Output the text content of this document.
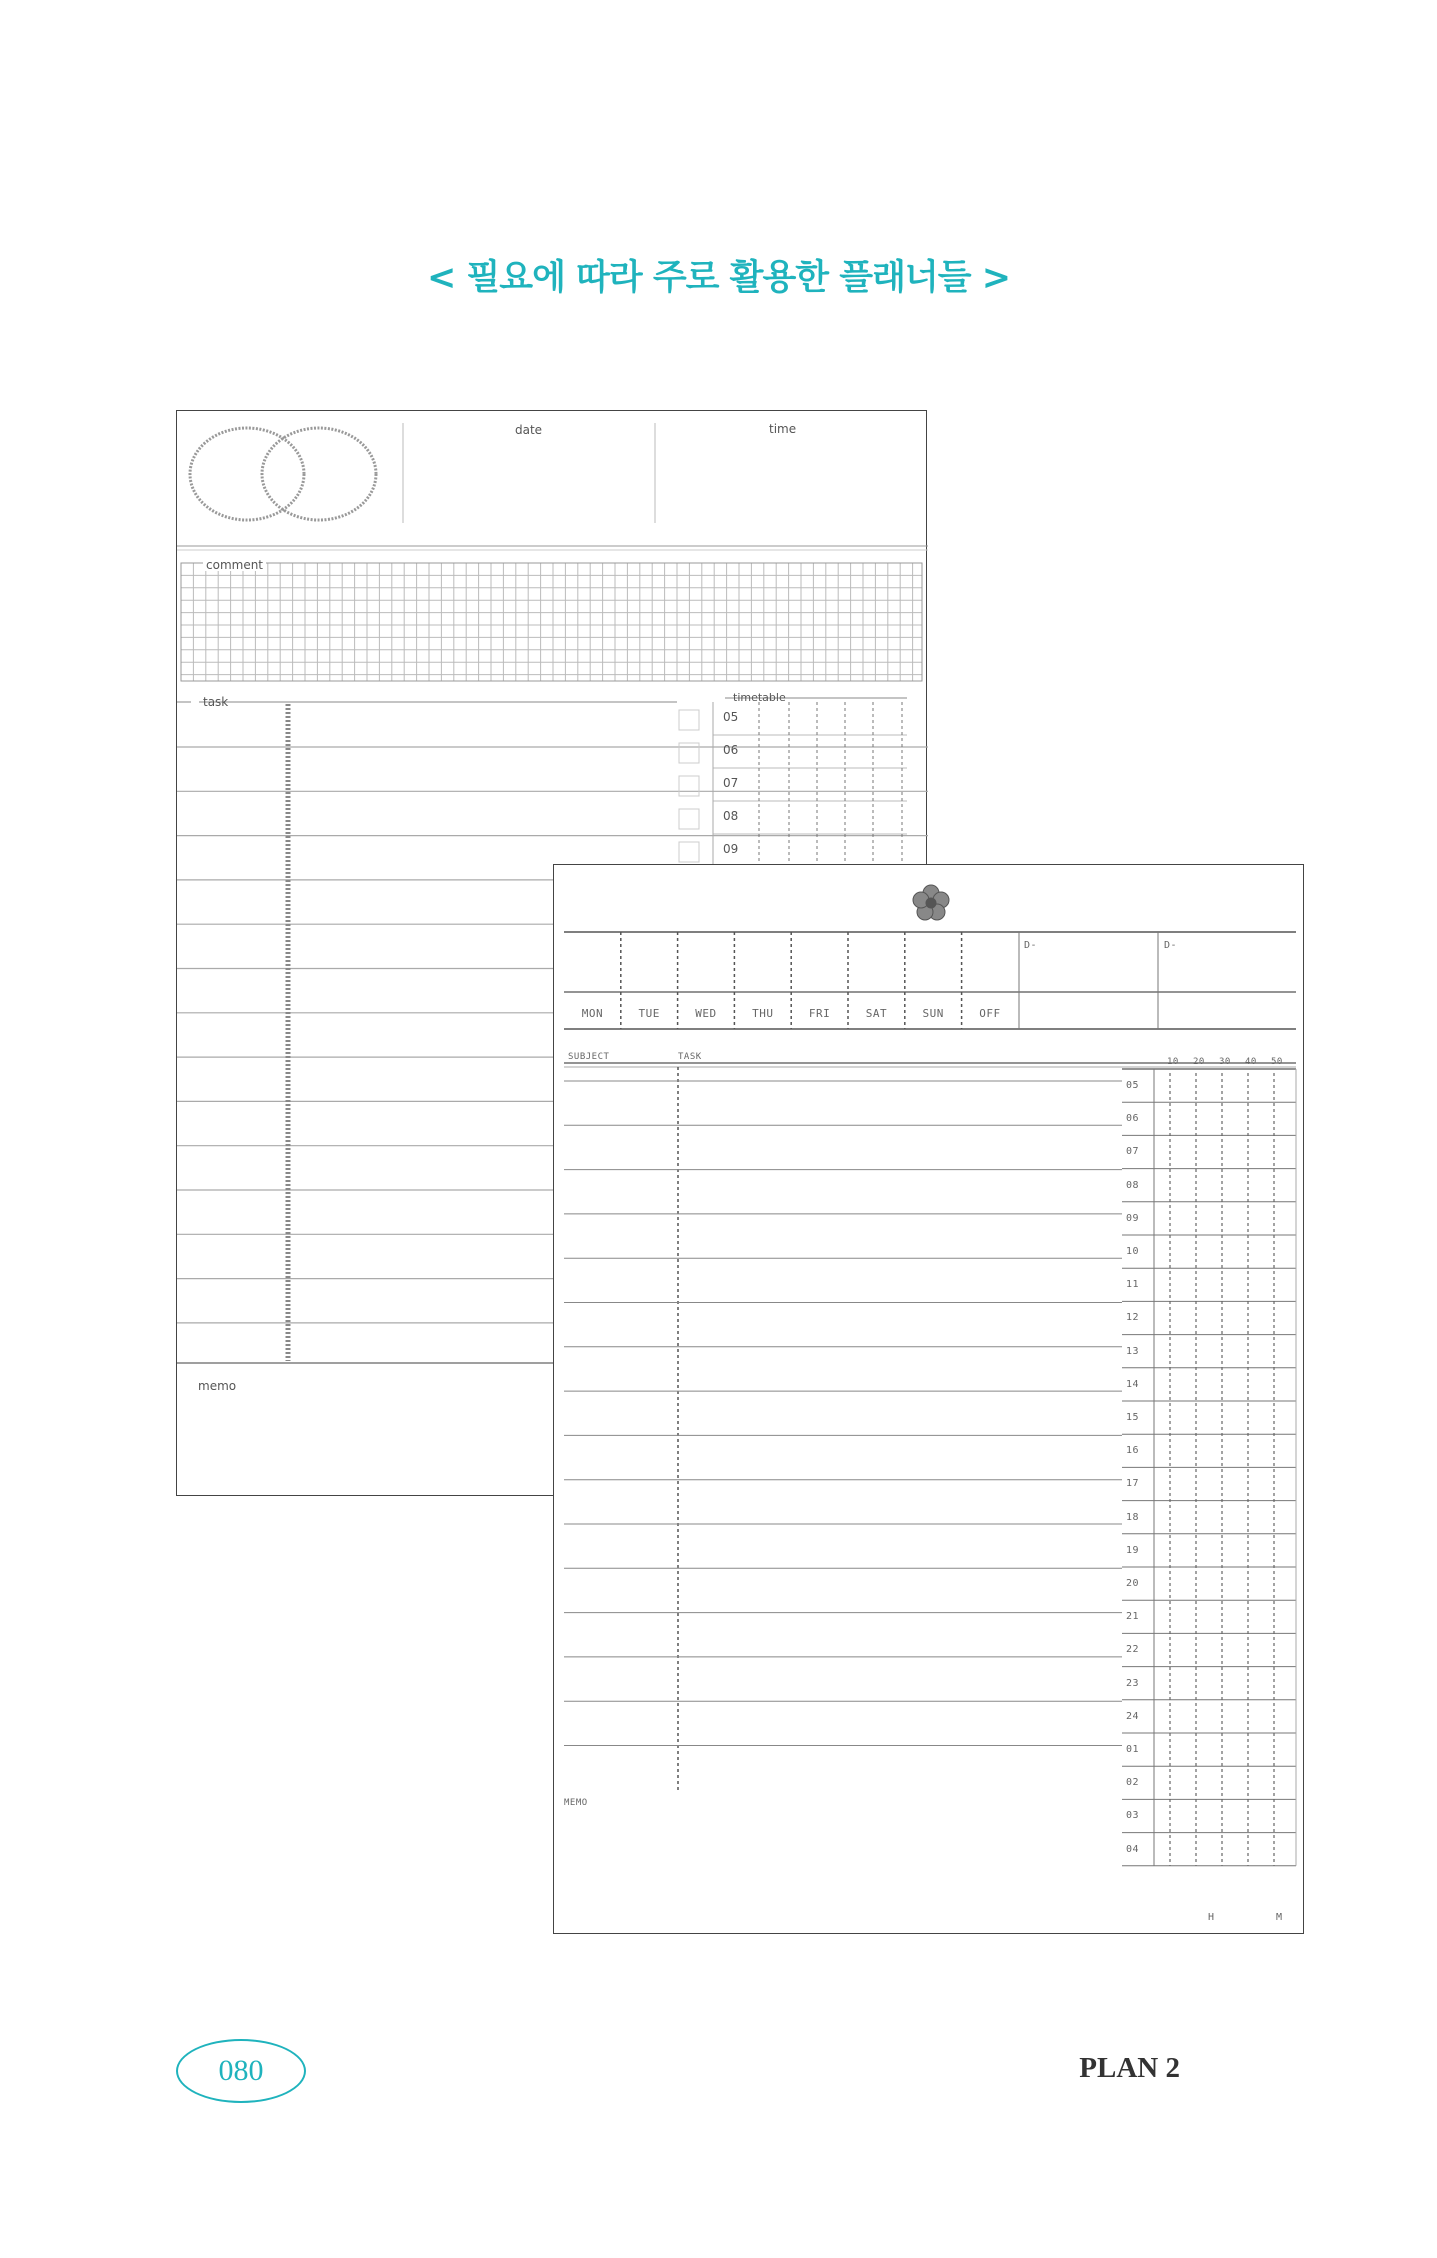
< 필요에 따라 주로 활용한 플래너들 >
date	time
comment
task	timetable
05
06
07
08
09
memo
D-	D-
MON	TUE	WED	THU	FRI	SAT	SUN	OFF
SUBJECT	TASK	10 20 30 40 50
05
06
07
08
09
10
11
12
13
14
15
16
17
18
19
20
21
22
23
24
01
02
03
04
MEMO
H	M
080	PLAN 2
